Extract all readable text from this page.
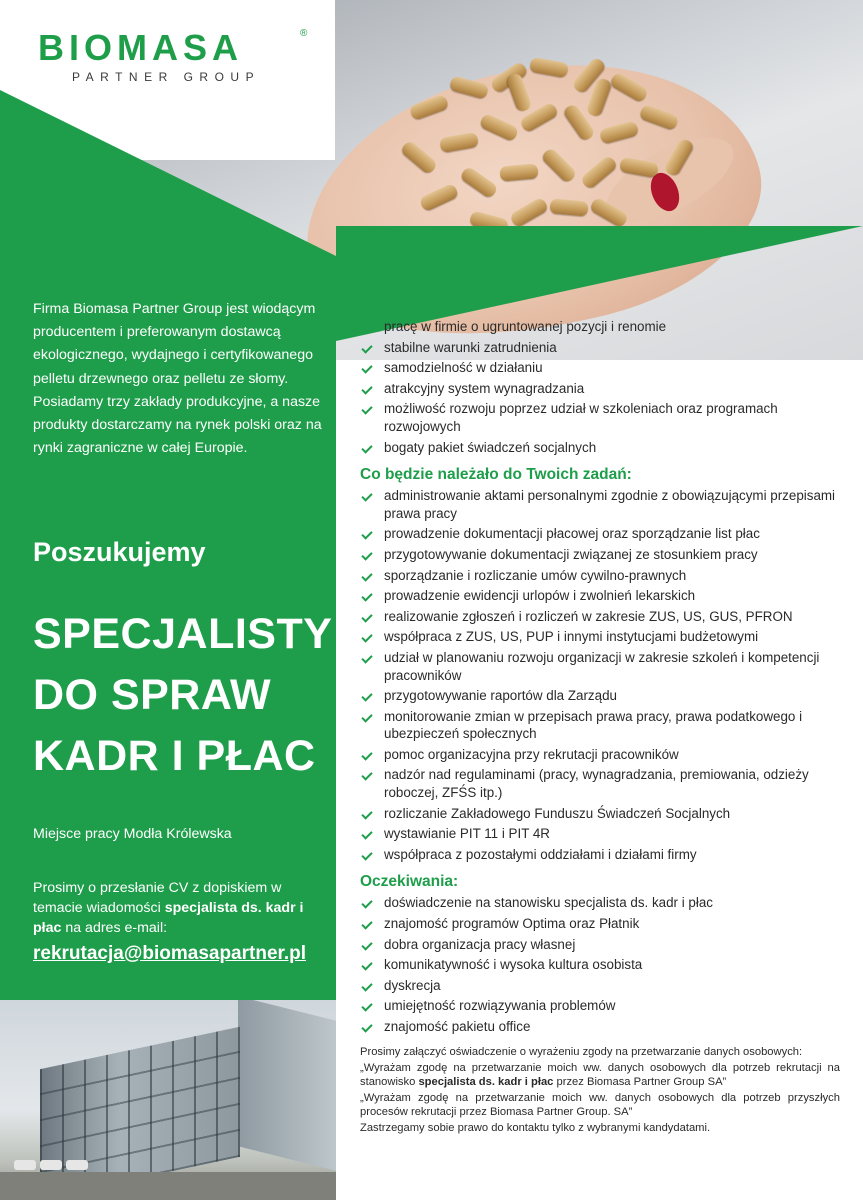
BIOMASA	®
PARTNER GROUP
Firma Biomasa Partner Group jest wiodącym producentem i preferowanym dostawcą ekologicznego, wydajnego i certyfikowanego pelletu drzewnego oraz pelletu ze słomy. Posiadamy trzy zakłady produkcyjne, a nasze produkty dostarczamy na rynek polski oraz na rynki zagraniczne w całej Europie.
Poszukujemy
SPECJALISTY
DO SPRAW
KADR I PŁAC
Miejsce pracy Modła Królewska
Prosimy o przesłanie CV z dopiskiem w temacie wiadomości specjalista ds. kadr i płac na adres e-mail:
rekrutacja@biomasapartner.pl
Oferujemy:
pracę w firmie o ugruntowanej pozycji i renomie
stabilne warunki zatrudnienia
samodzielność w działaniu
atrakcyjny system wynagradzania
możliwość rozwoju poprzez udział w szkoleniach oraz programach rozwojowych
bogaty pakiet świadczeń socjalnych
Co będzie należało do Twoich zadań:
administrowanie aktami personalnymi zgodnie z obowiązującymi przepisami prawa pracy
prowadzenie dokumentacji płacowej oraz sporządzanie list płac
przygotowywanie dokumentacji związanej ze stosunkiem pracy
sporządzanie i rozliczanie umów cywilno-prawnych
prowadzenie ewidencji urlopów i zwolnień lekarskich
realizowanie zgłoszeń i rozliczeń w zakresie ZUS, US, GUS, PFRON
współpraca z ZUS, US, PUP i innymi instytucjami budżetowymi
udział w planowaniu rozwoju organizacji w zakresie szkoleń i kompetencji pracowników
przygotowywanie raportów dla Zarządu
monitorowanie zmian w przepisach prawa pracy, prawa podatkowego i ubezpieczeń społecznych
pomoc organizacyjna przy rekrutacji pracowników
nadzór nad regulaminami (pracy, wynagradzania, premiowania, odzieży roboczej, ZFŚS itp.)
rozliczanie Zakładowego Funduszu Świadczeń Socjalnych
wystawianie PIT 11 i PIT 4R
współpraca z pozostałymi oddziałami i działami firmy
Oczekiwania:
doświadczenie na stanowisku specjalista ds. kadr i płac
znajomość programów Optima oraz Płatnik
dobra organizacja pracy własnej
komunikatywność i wysoka kultura osobista
dyskrecja
umiejętność rozwiązywania problemów
znajomość pakietu office

Prosimy załączyć oświadczenie o wyrażeniu zgody na przetwarzanie danych osobowych:

„Wyrażam zgodę na przetwarzanie moich ww. danych osobowych dla potrzeb rekrutacji na stanowisko specjalista ds. kadr i płac przez Biomasa Partner Group SA”

„Wyrażam zgodę na przetwarzanie moich ww. danych osobowych dla potrzeb przyszłych procesów rekrutacji przez Biomasa Partner Group. SA”

Zastrzegamy sobie prawo do kontaktu tylko z wybranymi kandydatami.
